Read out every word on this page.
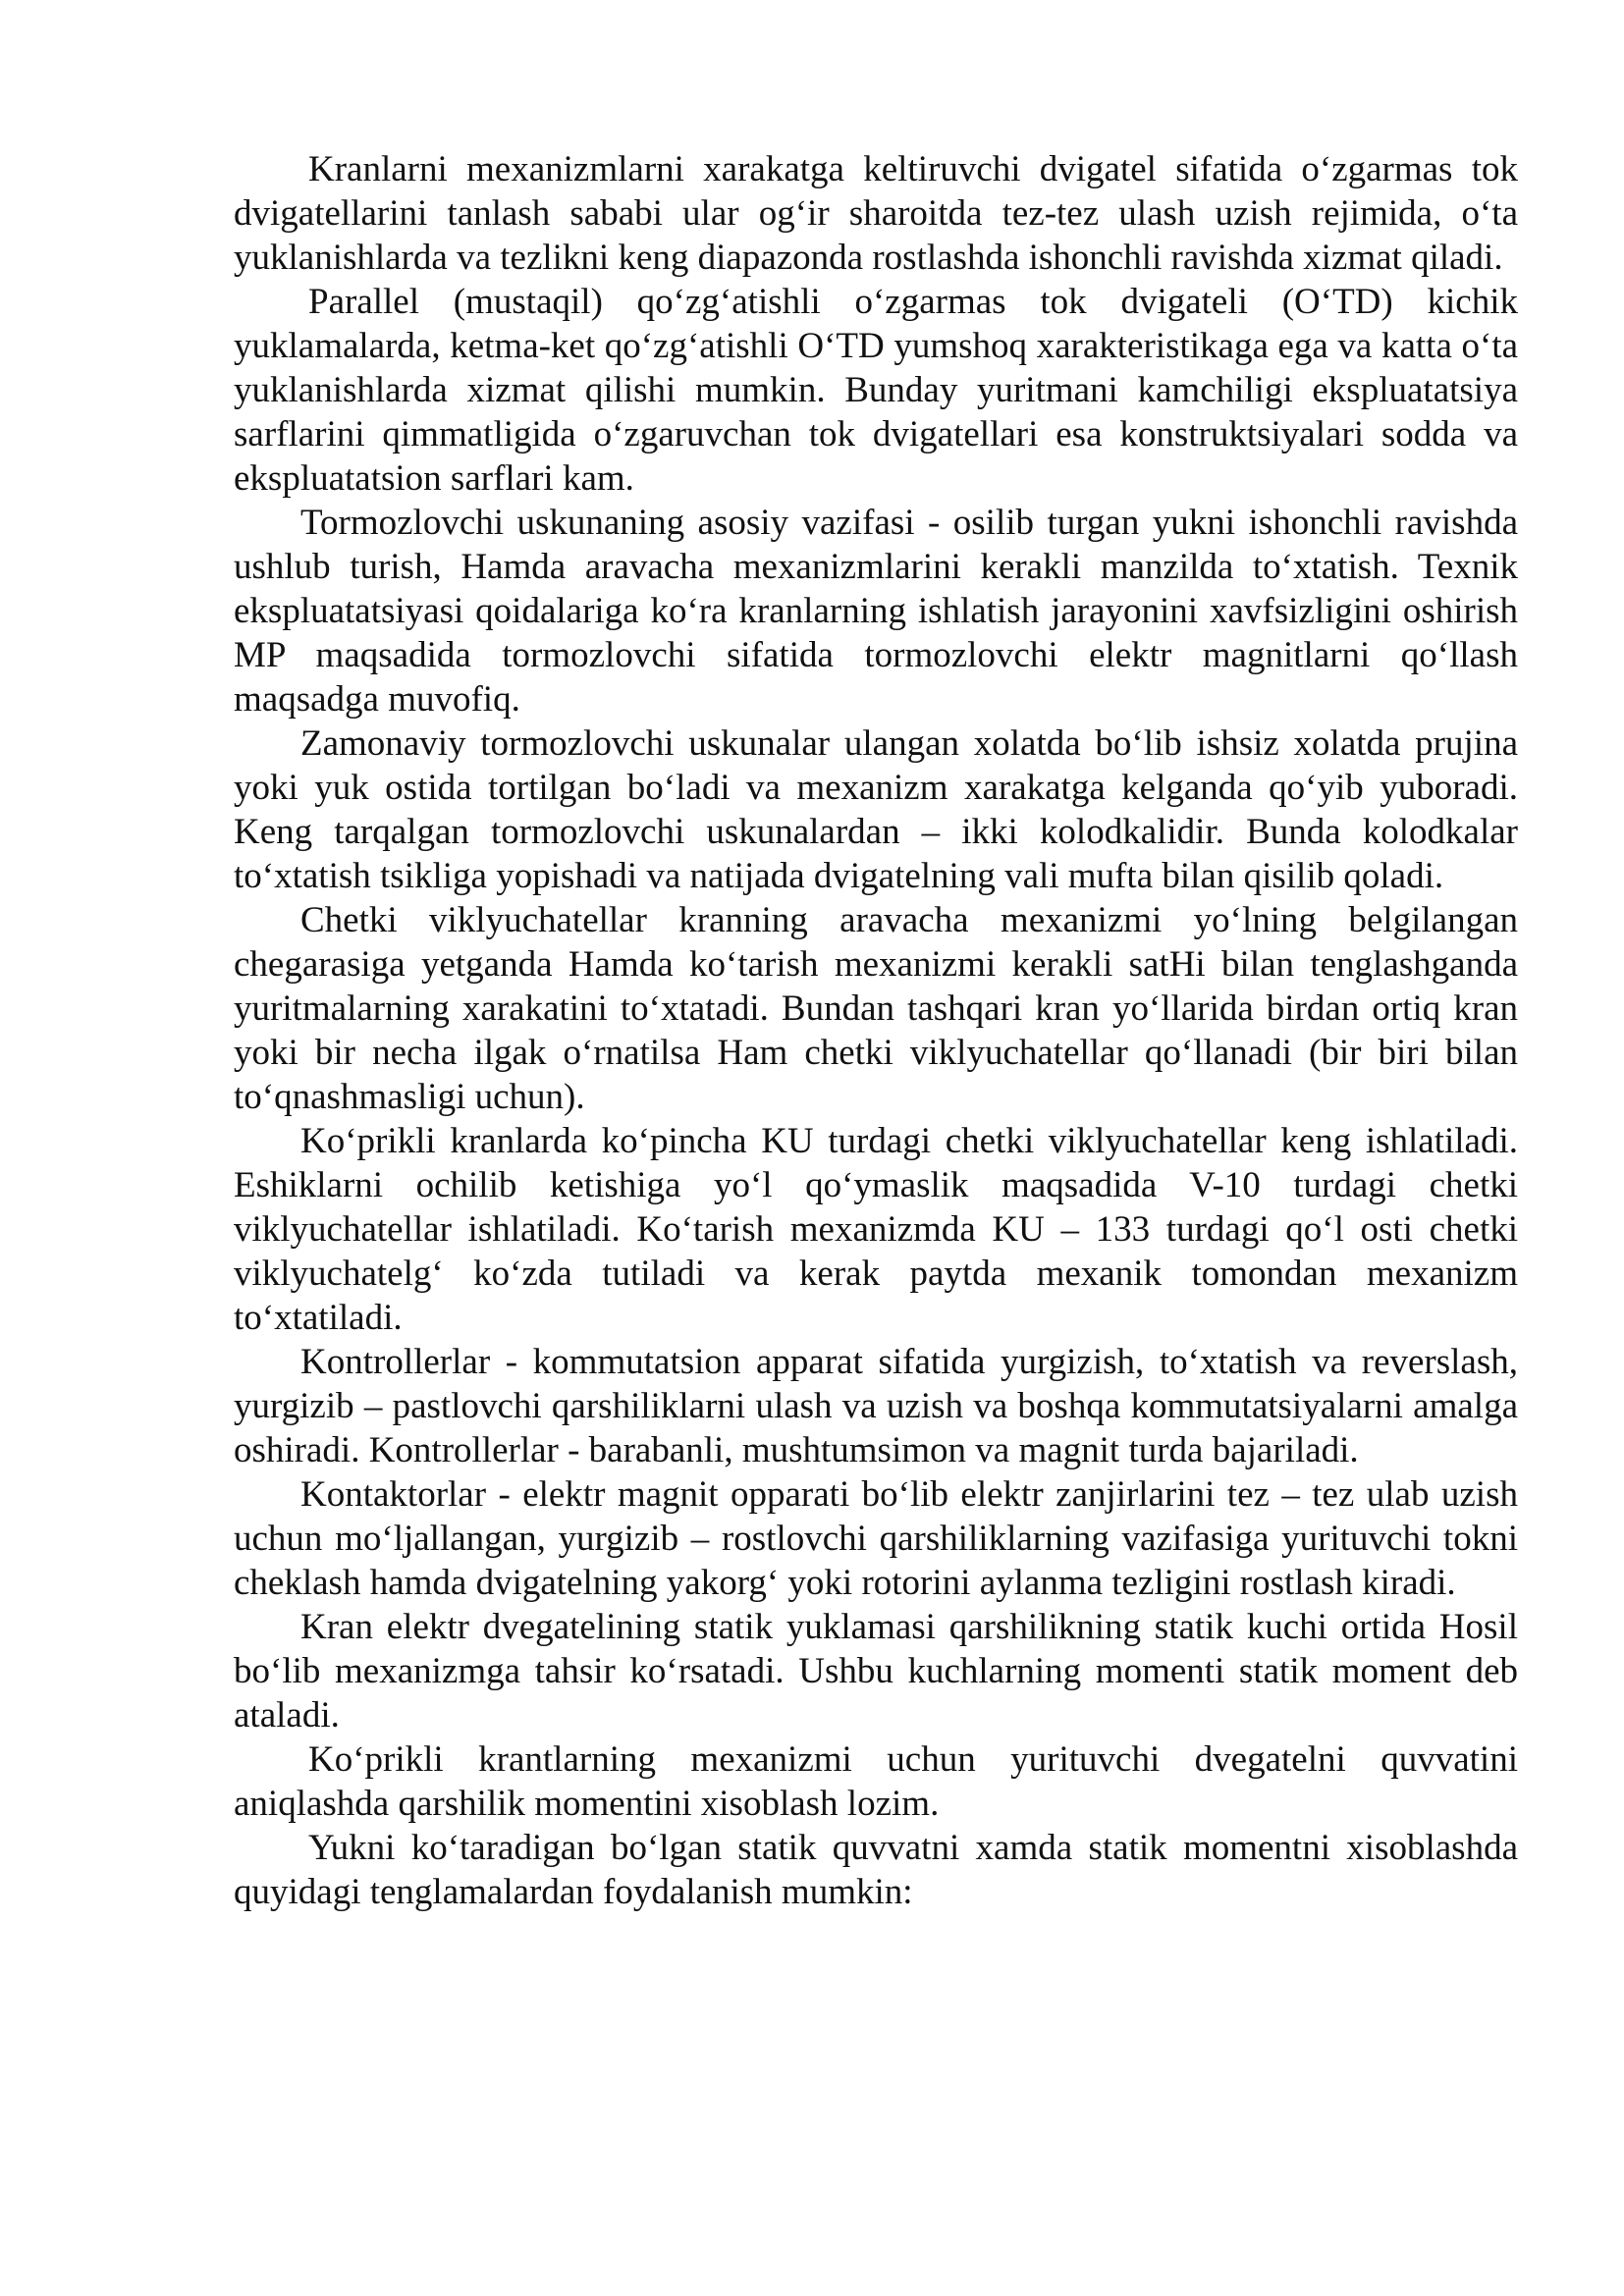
Kranlarni mexanizmlarni xarakatga keltiruvchi dvigatel sifatida o‘zgarmas tok dvigatellarini tanlash sababi ular og‘ir sharoitda tez-tez ulash uzish rejimida, o‘ta yuklanishlarda va tezlikni keng diapazonda rostlashda ishonchli ravishda xizmat qiladi.

Parallel (mustaqil) qo‘zg‘atishli o‘zgarmas tok dvigateli (O‘TD) kichik yuklamalarda, ketma-ket qo‘zg‘atishli O‘TD yumshoq xarakteristikaga ega va katta o‘ta yuklanishlarda xizmat qilishi mumkin. Bunday yuritmani kamchiligi ekspluatatsiya sarflarini qimmatligida o‘zgaruvchan tok dvigatellari esa konstruktsiyalari sodda va ekspluatatsion sarflari kam.

Tormozlovchi uskunaning asosiy vazifasi - osilib turgan yukni ishonchli ravishda ushlub turish, Hamda aravacha mexanizmlarini kerakli manzilda to‘xtatish. Texnik ekspluatatsiyasi qoidalariga ko‘ra kranlarning ishlatish jarayonini xavfsizligini oshirish MP maqsadida tormozlovchi sifatida tormozlovchi elektr magnitlarni qo‘llash maqsadga muvofiq.

Zamonaviy tormozlovchi uskunalar ulangan xolatda bo‘lib ishsiz xolatda prujina yoki yuk ostida tortilgan bo‘ladi va mexanizm xarakatga kelganda qo‘yib yuboradi. Keng tarqalgan tormozlovchi uskunalardan – ikki kolodkalidir. Bunda kolodkalar to‘xtatish tsikliga yopishadi va natijada dvigatelning vali mufta bilan qisilib qoladi.

Chetki viklyuchatellar kranning aravacha mexanizmi yo‘lning belgilangan chegarasiga yetganda Hamda ko‘tarish mexanizmi kerakli satHi bilan tenglashganda yuritmalarning xarakatini to‘xtatadi. Bundan tashqari kran yo‘llarida birdan ortiq kran yoki bir necha ilgak o‘rnatilsa Ham chetki viklyuchatellar qo‘llanadi (bir biri bilan to‘qnashmasligi uchun).

Ko‘prikli kranlarda ko‘pincha KU turdagi chetki viklyuchatellar keng ishlatiladi. Eshiklarni ochilib ketishiga yo‘l qo‘ymaslik maqsadida V-10 turdagi chetki viklyuchatellar ishlatiladi. Ko‘tarish mexanizmda KU – 133 turdagi qo‘l osti chetki viklyuchatelg‘ ko‘zda tutiladi va kerak paytda mexanik tomondan mexanizm to‘xtatiladi.

Kontrollerlar - kommutatsion apparat sifatida yurgizish, to‘xtatish va reverslash, yurgizib – pastlovchi qarshiliklarni ulash va uzish va boshqa kommutatsiyalarni amalga oshiradi. Kontrollerlar - barabanli, mushtumsimon va magnit turda bajariladi.

Kontaktorlar - elektr magnit opparati bo‘lib elektr zanjirlarini tez – tez ulab uzish uchun mo‘ljallangan, yurgizib – rostlovchi qarshiliklarning vazifasiga yurituvchi tokni cheklash hamda dvigatelning yakorg‘ yoki rotorini aylanma tezligini rostlash kiradi.

Kran elektr dvegatelining statik yuklamasi qarshilikning statik kuchi ortida Hosil bo‘lib mexanizmga tahsir ko‘rsatadi. Ushbu kuchlarning momenti statik moment deb ataladi.

Ko‘prikli krantlarning mexanizmi uchun yurituvchi dvegatelni quvvatini aniqlashda qarshilik momentini xisoblash lozim.

Yukni ko‘taradigan bo‘lgan statik quvvatni xamda statik momentni xisoblashda quyidagi tenglamalardan foydalanish mumkin:
